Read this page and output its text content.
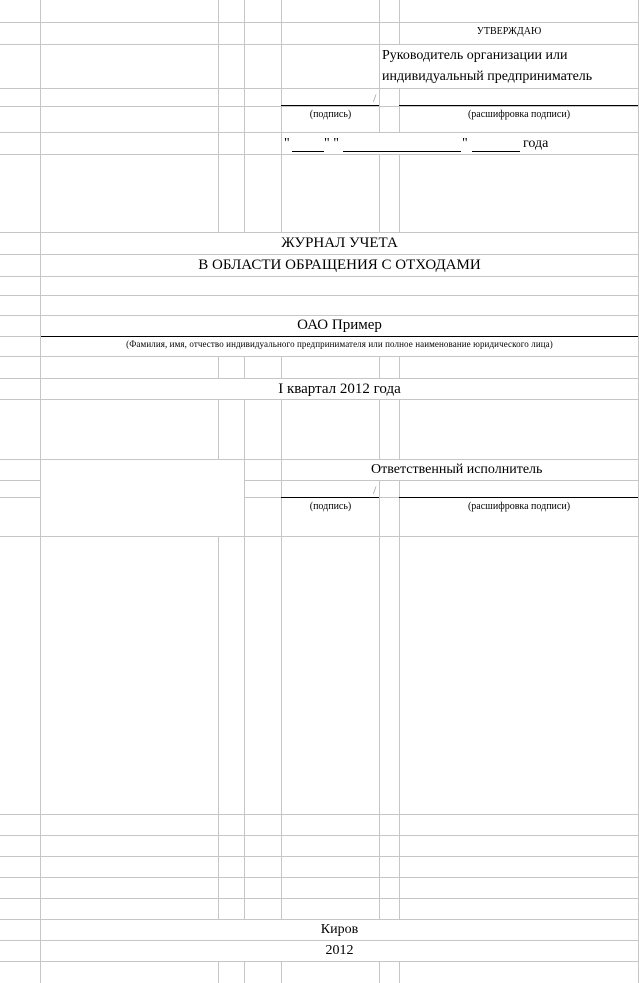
УТВЕРЖДАЮ
Руководитель организации или
индивидуальный предприниматель
/
(подпись)	(расшифровка подписи)
" " "	"	года
ЖУРНАЛ УЧЕТА
В ОБЛАСТИ ОБРАЩЕНИЯ С ОТХОДАМИ
ОАО Пример
(Фамилия, имя, отчество индивидуального предпринимателя или полное наименование юридического лица)
I квартал 2012 года
Ответственный исполнитель
/
(подпись)	(расшифровка подписи)
Киров
2012
